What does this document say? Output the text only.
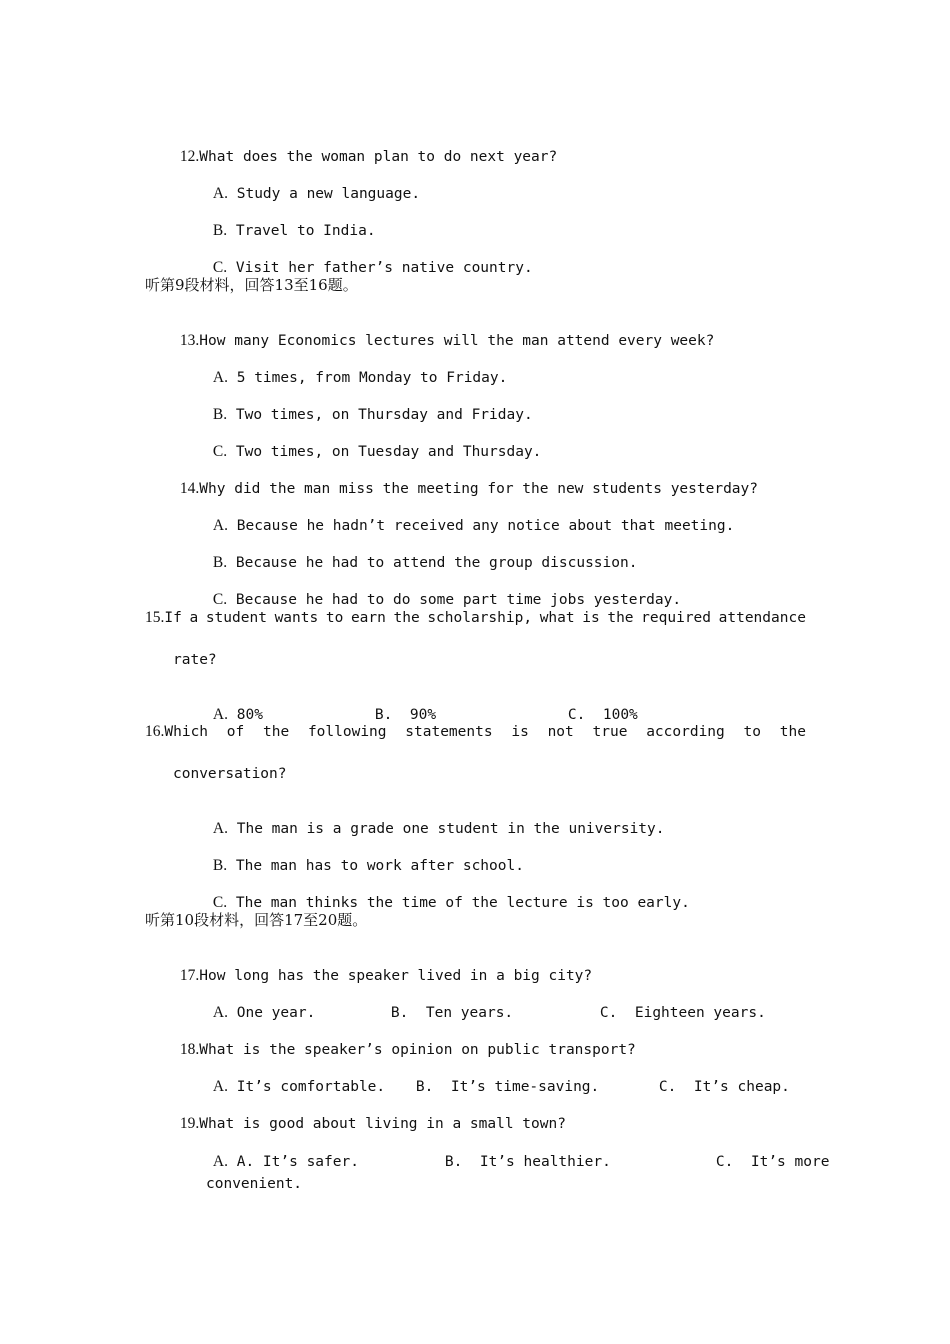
12.What does the woman plan to do next year?

A. Study a new language.

B. Travel to India.

C. Visit her father’s native country.

听第9段材料，回答13至16题。

13.How many Economics lectures will the man attend every week?

A. 5 times, from Monday to Friday.

B. Two times, on Thursday and Friday.

C. Two times, on Tuesday and Thursday.

14.Why did the man miss the meeting for the new students yesterday?

A. Because he hadn’t received any notice about that meeting.

B. Because he had to attend the group discussion.

C. Because he had to do some part time jobs yesterday.

15.If a student wants to earn the scholarship, what is the required attendance
rate?

A. 80%	B. 90%	C. 100%

16.Which of the following statements is not true according to the
conversation?

A. The man is a grade one student in the university.

B. The man has to work after school.

C. The man thinks the time of the lecture is too early.

听第10段材料，回答17至20题。

17.How long has the speaker lived in a big city?

A. One year.	B. Ten years.	C. Eighteen years.

18.What is the speaker’s opinion on public transport?

A. It’s comfortable. B. It’s time-saving.	C. It’s cheap.

19.What is good about living in a small town?

A. A. It’s safer.	B. It’s healthier.	C. It’s more

convenient.
